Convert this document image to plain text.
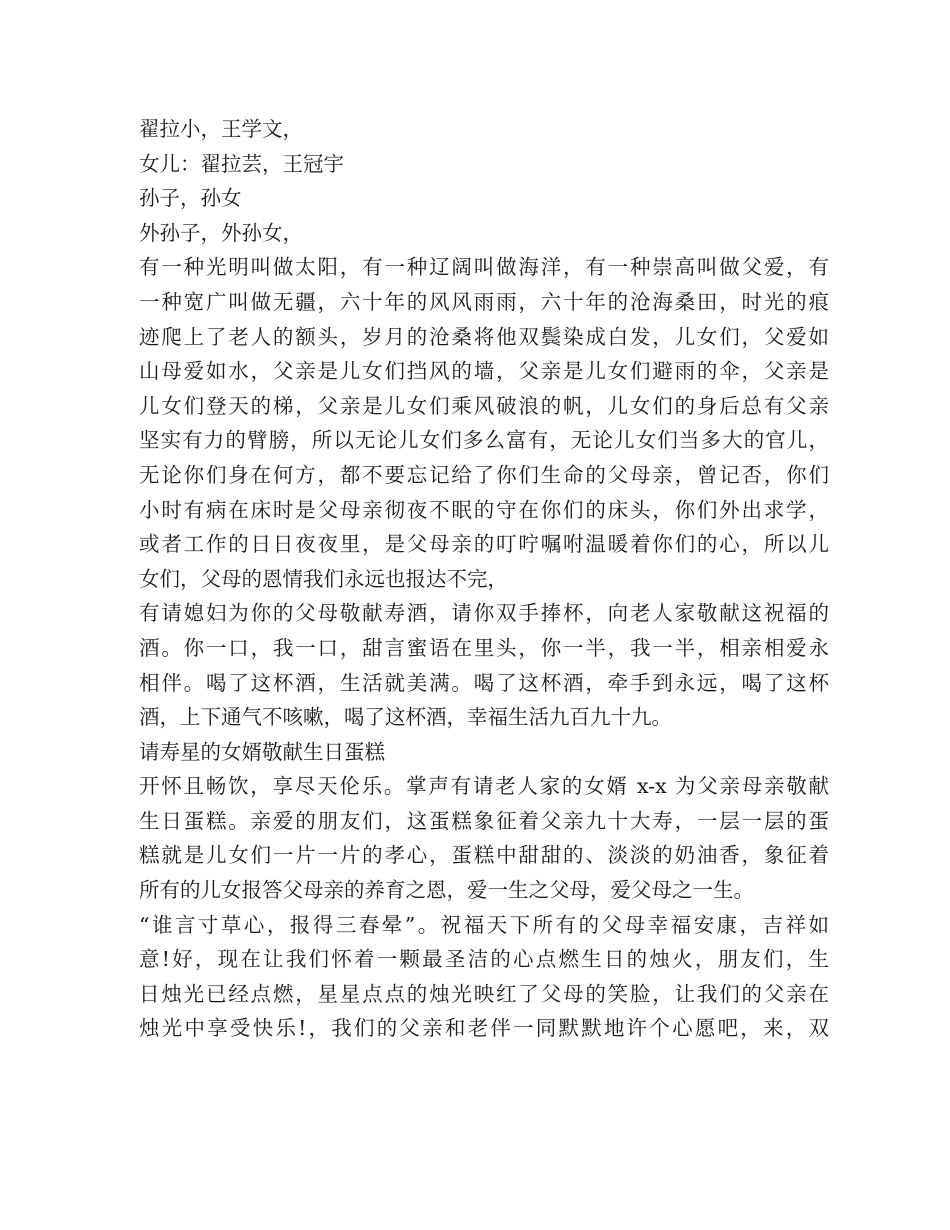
翟拉小，王学文，
女儿：翟拉芸，王冠宇
孙子，孙女
外孙子，外孙女，
有一种光明叫做太阳，有一种辽阔叫做海洋，有一种崇高叫做父爱，有
一种宽广叫做无疆，六十年的风风雨雨，六十年的沧海桑田，时光的痕
迹爬上了老人的额头，岁月的沧桑将他双鬓染成白发，儿女们，父爱如
山母爱如水，父亲是儿女们挡风的墙，父亲是儿女们避雨的伞，父亲是
儿女们登天的梯，父亲是儿女们乘风破浪的帆，儿女们的身后总有父亲
坚实有力的臂膀，所以无论儿女们多么富有，无论儿女们当多大的官儿，
无论你们身在何方，都不要忘记给了你们生命的父母亲，曾记否，你们
小时有病在床时是父母亲彻夜不眠的守在你们的床头，你们外出求学，
或者工作的日日夜夜里，是父母亲的叮咛嘱咐温暖着你们的心，所以儿
女们，父母的恩情我们永远也报达不完，
有请媳妇为你的父母敬献寿酒，请你双手捧杯，向老人家敬献这祝福的
酒。你一口，我一口，甜言蜜语在里头，你一半，我一半，相亲相爱永
相伴。喝了这杯酒，生活就美满。喝了这杯酒，牵手到永远，喝了这杯
酒，上下通气不咳嗽，喝了这杯酒，幸福生活九百九十九。
请寿星的女婿敬献生日蛋糕
开怀且畅饮，享尽天伦乐。掌声有请老人家的女婿 x-x 为父亲母亲敬献
生日蛋糕。亲爱的朋友们，这蛋糕象征着父亲九十大寿，一层一层的蛋
糕就是儿女们一片一片的孝心，蛋糕中甜甜的、淡淡的奶油香，象征着
所有的儿女报答父母亲的养育之恩，爱一生之父母，爱父母之一生。
“谁言寸草心，报得三春晕”。祝福天下所有的父母幸福安康，吉祥如
意!好，现在让我们怀着一颗最圣洁的心点燃生日的烛火，朋友们，生
日烛光已经点燃，星星点点的烛光映红了父母的笑脸，让我们的父亲在
烛光中享受快乐!，我们的父亲和老伴一同默默地许个心愿吧，来，双
